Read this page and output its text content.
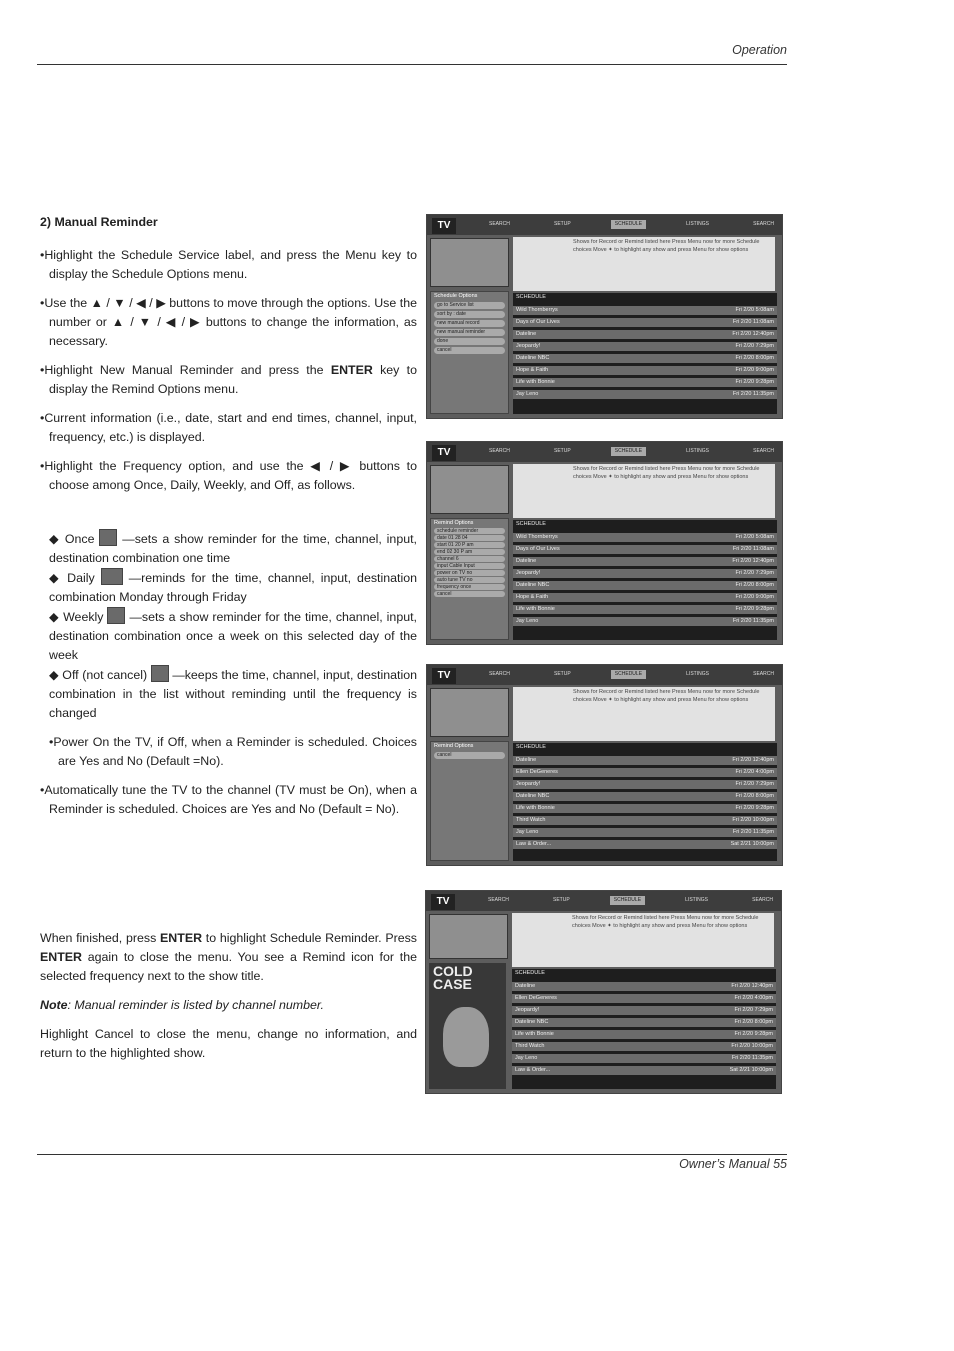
Operation

2) Manual Reminder

•Highlight the Schedule Service label, and press the Menu key to display the Schedule Options menu.

•Use the ▲ / ▼ / ◀ / ▶ buttons to move through the options. Use the number or ▲ / ▼ / ◀ / ▶ buttons to change the information, as necessary.

•Highlight New Manual Reminder and press the ENTER key to display the Remind Options menu.

•Current information (i.e., date, start and end times, channel, input, frequency, etc.) is displayed.

•Highlight the Frequency option, and use the ◀ / ▶ buttons to choose among Once, Daily, Weekly, and Off, as follows.

◆ Once  —sets a show reminder for the time, channel, input, destination combination one time

◆ Daily  —reminds for the time, channel, input, destination combination Monday through Friday

◆ Weekly  —sets a show reminder for the time, channel, input, destination combination once a week on this selected day of the week

◆ Off (not cancel)  —keeps the time, channel, input, destination combination in the list without reminding until the frequency is changed

•Power On the TV, if Off, when a Reminder is scheduled. Choices are Yes and No (Default =No).

•Automatically tune the TV to the channel (TV must be On), when a Reminder is scheduled. Choices are Yes and No (Default = No).

When finished, press ENTER to highlight Schedule Reminder. Press ENTER again to close the menu. You see a Remind icon for the selected frequency next to the show title.

Note: Manual reminder is listed by channel number.

Highlight Cancel to close the menu, change no information, and return to the highlighted show.

TV	SEARCH	SETUP	SCHEDULE	LISTINGS	SEARCH
Shows for Record or Remind listed here Press Menu now for more Schedule choices Move ✦ to highlight any show and press Menu for show options
Schedule Options
go to Service list
sort by : date
new manual record
new manual reminder
done
cancel
SCHEDULE
Wild Thornberrys	Fri 2/20 5:08am
Days of Our Lives	Fri 2/20 11:08am
Dateline	Fri 2/20 12:40pm
Jeopardy!	Fri 2/20 7:29pm
Dateline NBC	Fri 2/20 8:00pm
Hope & Faith	Fri 2/20 9:00pm
Life with Bonnie	Fri 2/20 9:28pm
Jay Leno	Fri 2/20 11:35pm
TV	SEARCH	SETUP	SCHEDULE	LISTINGS	SEARCH
Shows for Record or Remind listed here Press Menu now for more Schedule choices Move ✦ to highlight any show and press Menu for show options
Remind Options
schedule reminder
date 01 28 04
start 01 20 P am
end 02 30 P am
channel 6
input Cable Input
power on TV no
auto tune TV no
frequency once
cancel
SCHEDULE
Wild Thornberrys	Fri 2/20 5:08am
Days of Our Lives	Fri 2/20 11:08am
Dateline	Fri 2/20 12:40pm
Jeopardy!	Fri 2/20 7:29pm
Dateline NBC	Fri 2/20 8:00pm
Hope & Faith	Fri 2/20 9:00pm
Life with Bonnie	Fri 2/20 9:28pm
Jay Leno	Fri 2/20 11:35pm
TV	SEARCH	SETUP	SCHEDULE	LISTINGS	SEARCH
Shows for Record or Remind listed here Press Menu now for more Schedule choices Move ✦ to highlight any show and press Menu for show options
Remind Options
cancel
SCHEDULE
Dateline	Fri 2/20 12:40pm
Ellen DeGeneres	Fri 2/20 4:00pm
Jeopardy!	Fri 2/20 7:29pm
Dateline NBC	Fri 2/20 8:00pm
Life with Bonnie	Fri 2/20 9:28pm
Third Watch	Fri 2/20 10:00pm
Jay Leno	Fri 2/20 11:35pm
Law & Order...	Sat 2/21 10:00pm
TV	SEARCH	SETUP	SCHEDULE	LISTINGS	SEARCH
Shows for Record or Remind listed here Press Menu now for more Schedule choices Move ✦ to highlight any show and press Menu for show options
COLD
CASE
SCHEDULE
Dateline	Fri 2/20 12:40pm
Ellen DeGeneres	Fri 2/20 4:00pm
Jeopardy!	Fri 2/20 7:29pm
Dateline NBC	Fri 2/20 8:00pm
Life with Bonnie	Fri 2/20 9:28pm
Third Watch	Fri 2/20 10:00pm
Jay Leno	Fri 2/20 11:35pm
Law & Order...	Sat 2/21 10:00pm
Owner’s Manual 55
